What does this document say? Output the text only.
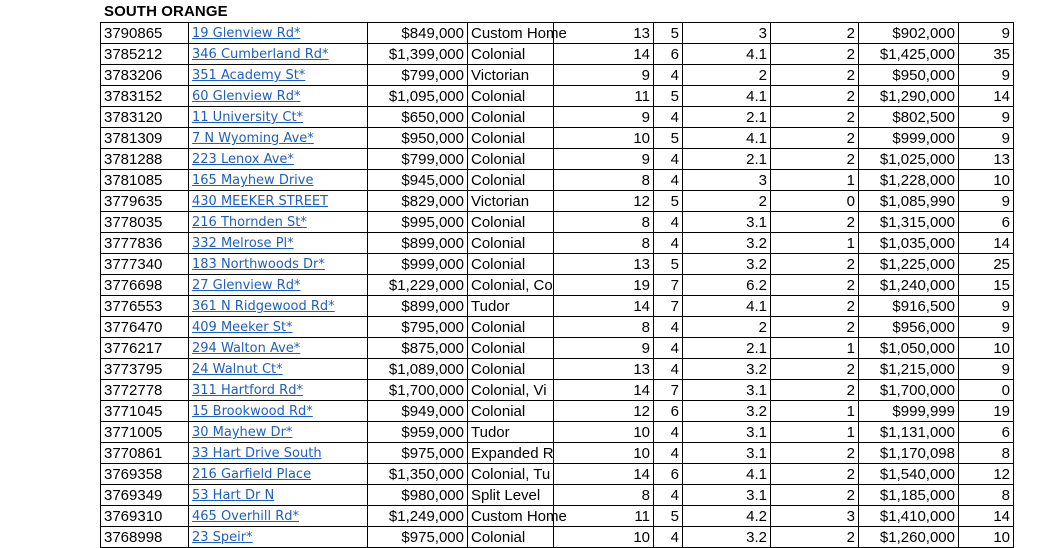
SOUTH ORANGE
3790865	19 Glenview Rd*	$849,000	Custom Home	13	5	3	2	$902,000	9
3785212	346 Cumberland Rd*	$1,399,000	Colonial	14	6	4.1	2	$1,425,000	35
3783206	351 Academy St*	$799,000	Victorian	9	4	2	2	$950,000	9
3783152	60 Glenview Rd*	$1,095,000	Colonial	11	5	4.1	2	$1,290,000	14
3783120	11 University Ct*	$650,000	Colonial	9	4	2.1	2	$802,500	9
3781309	7 N Wyoming Ave*	$950,000	Colonial	10	5	4.1	2	$999,000	9
3781288	223 Lenox Ave*	$799,000	Colonial	9	4	2.1	2	$1,025,000	13
3781085	165 Mayhew Drive	$945,000	Colonial	8	4	3	1	$1,228,000	10
3779635	430 MEEKER STREET	$829,000	Victorian	12	5	2	0	$1,085,990	9
3778035	216 Thornden St*	$995,000	Colonial	8	4	3.1	2	$1,315,000	6
3777836	332 Melrose Pl*	$899,000	Colonial	8	4	3.2	1	$1,035,000	14
3777340	183 Northwoods Dr*	$999,000	Colonial	13	5	3.2	2	$1,225,000	25
3776698	27 Glenview Rd*	$1,229,000	Colonial, Co	19	7	6.2	2	$1,240,000	15
3776553	361 N Ridgewood Rd*	$899,000	Tudor	14	7	4.1	2	$916,500	9
3776470	409 Meeker St*	$795,000	Colonial	8	4	2	2	$956,000	9
3776217	294 Walton Ave*	$875,000	Colonial	9	4	2.1	1	$1,050,000	10
3773795	24 Walnut Ct*	$1,089,000	Colonial	13	4	3.2	2	$1,215,000	9
3772778	311 Hartford Rd*	$1,700,000	Colonial, Vi	14	7	3.1	2	$1,700,000	0
3771045	15 Brookwood Rd*	$949,000	Colonial	12	6	3.2	1	$999,999	19
3771005	30 Mayhew Dr*	$959,000	Tudor	10	4	3.1	1	$1,131,000	6
3770861	33 Hart Drive South	$975,000	Expanded R	10	4	3.1	2	$1,170,098	8
3769358	216 Garfield Place	$1,350,000	Colonial, Tu	14	6	4.1	2	$1,540,000	12
3769349	53 Hart Dr N	$980,000	Split Level	8	4	3.1	2	$1,185,000	8
3769310	465 Overhill Rd*	$1,249,000	Custom Home	11	5	4.2	3	$1,410,000	14
3768998	23 Speir*	$975,000	Colonial	10	4	3.2	2	$1,260,000	10
